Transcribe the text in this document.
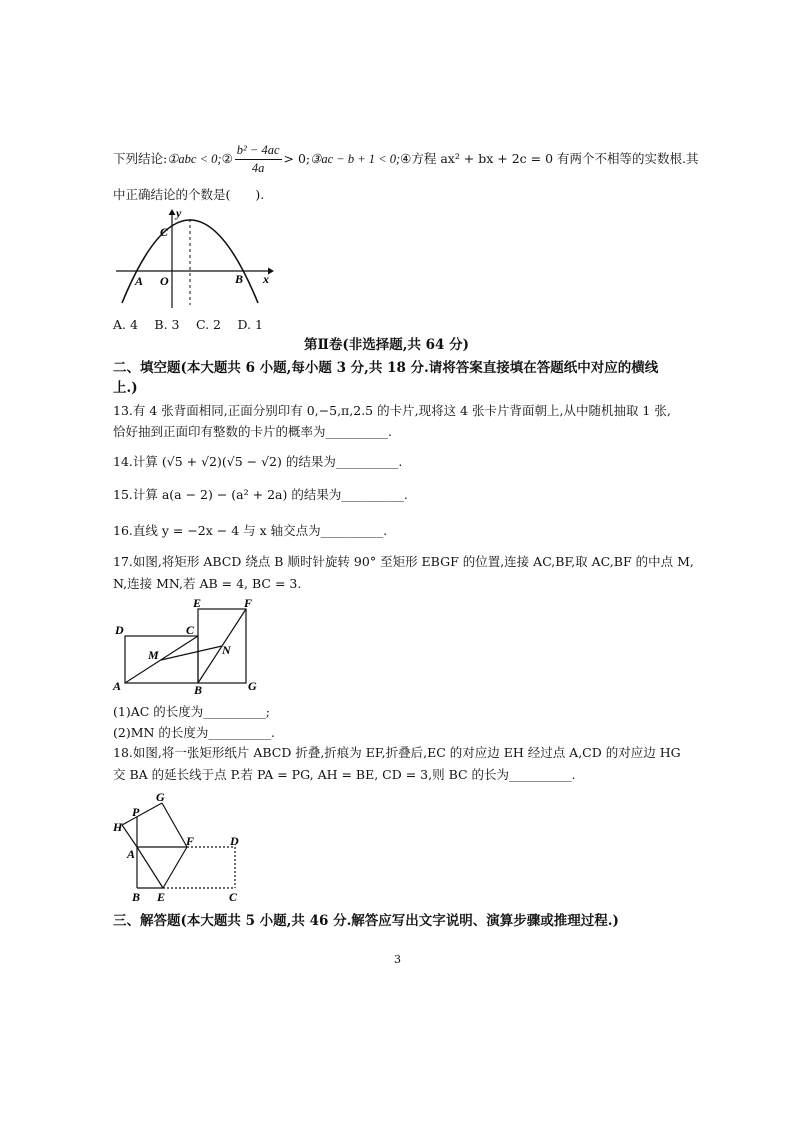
下列结论:①abc < 0;② $\frac{\text{b² − 4ac}}{4a}$ > 0;③ac − b + 1 < 0;④方程 ax² + bx + 2c = 0 有两个不相等的实数根.其
中正确结论的个数是(　　).
y
x
C
O
A	B
A. 4　 B. 3　 C. 2　 D. 1
第Ⅱ卷(非选择题,共 64 分)
二、填空题(本大题共 6 小题,每小题 3 分,共 18 分.请将答案直接填在答题纸中对应的横线
上.)
13.有 4 张背面相同,正面分别印有 0,−5,π,2.5 的卡片,现将这 4 张卡片背面朝上,从中随机抽取 1 张,
恰好抽到正面印有整数的卡片的概率为__________.
14.计算 (√5 + √2)(√5 − √2) 的结果为__________.
15.计算 a(a − 2) − (a² + 2a) 的结果为__________.
16.直线 y = −2x − 4 与 x 轴交点为__________.
17.如图,将矩形 ABCD 绕点 B 顺时针旋转 90° 至矩形 EBGF 的位置,连接 AC,BF,取 AC,BF 的中点 M,
N,连接 MN,若 AB = 4, BC = 3.
E	F
D	C
M	N
A	B	G
(1)AC 的长度为__________;
(2)MN 的长度为__________.
18.如图,将一张矩形纸片 ABCD 折叠,折痕为 EF,折叠后,EC 的对应边 EH 经过点 A,CD 的对应边 HG
交 BA 的延长线于点 P.若 PA = PG, AH = BE, CD = 3,则 BC 的长为__________.
G
P
H
A
F	D
B E	C
三、解答题(本大题共 5 小题,共 46 分.解答应写出文字说明、演算步骤或推理过程.)
3
